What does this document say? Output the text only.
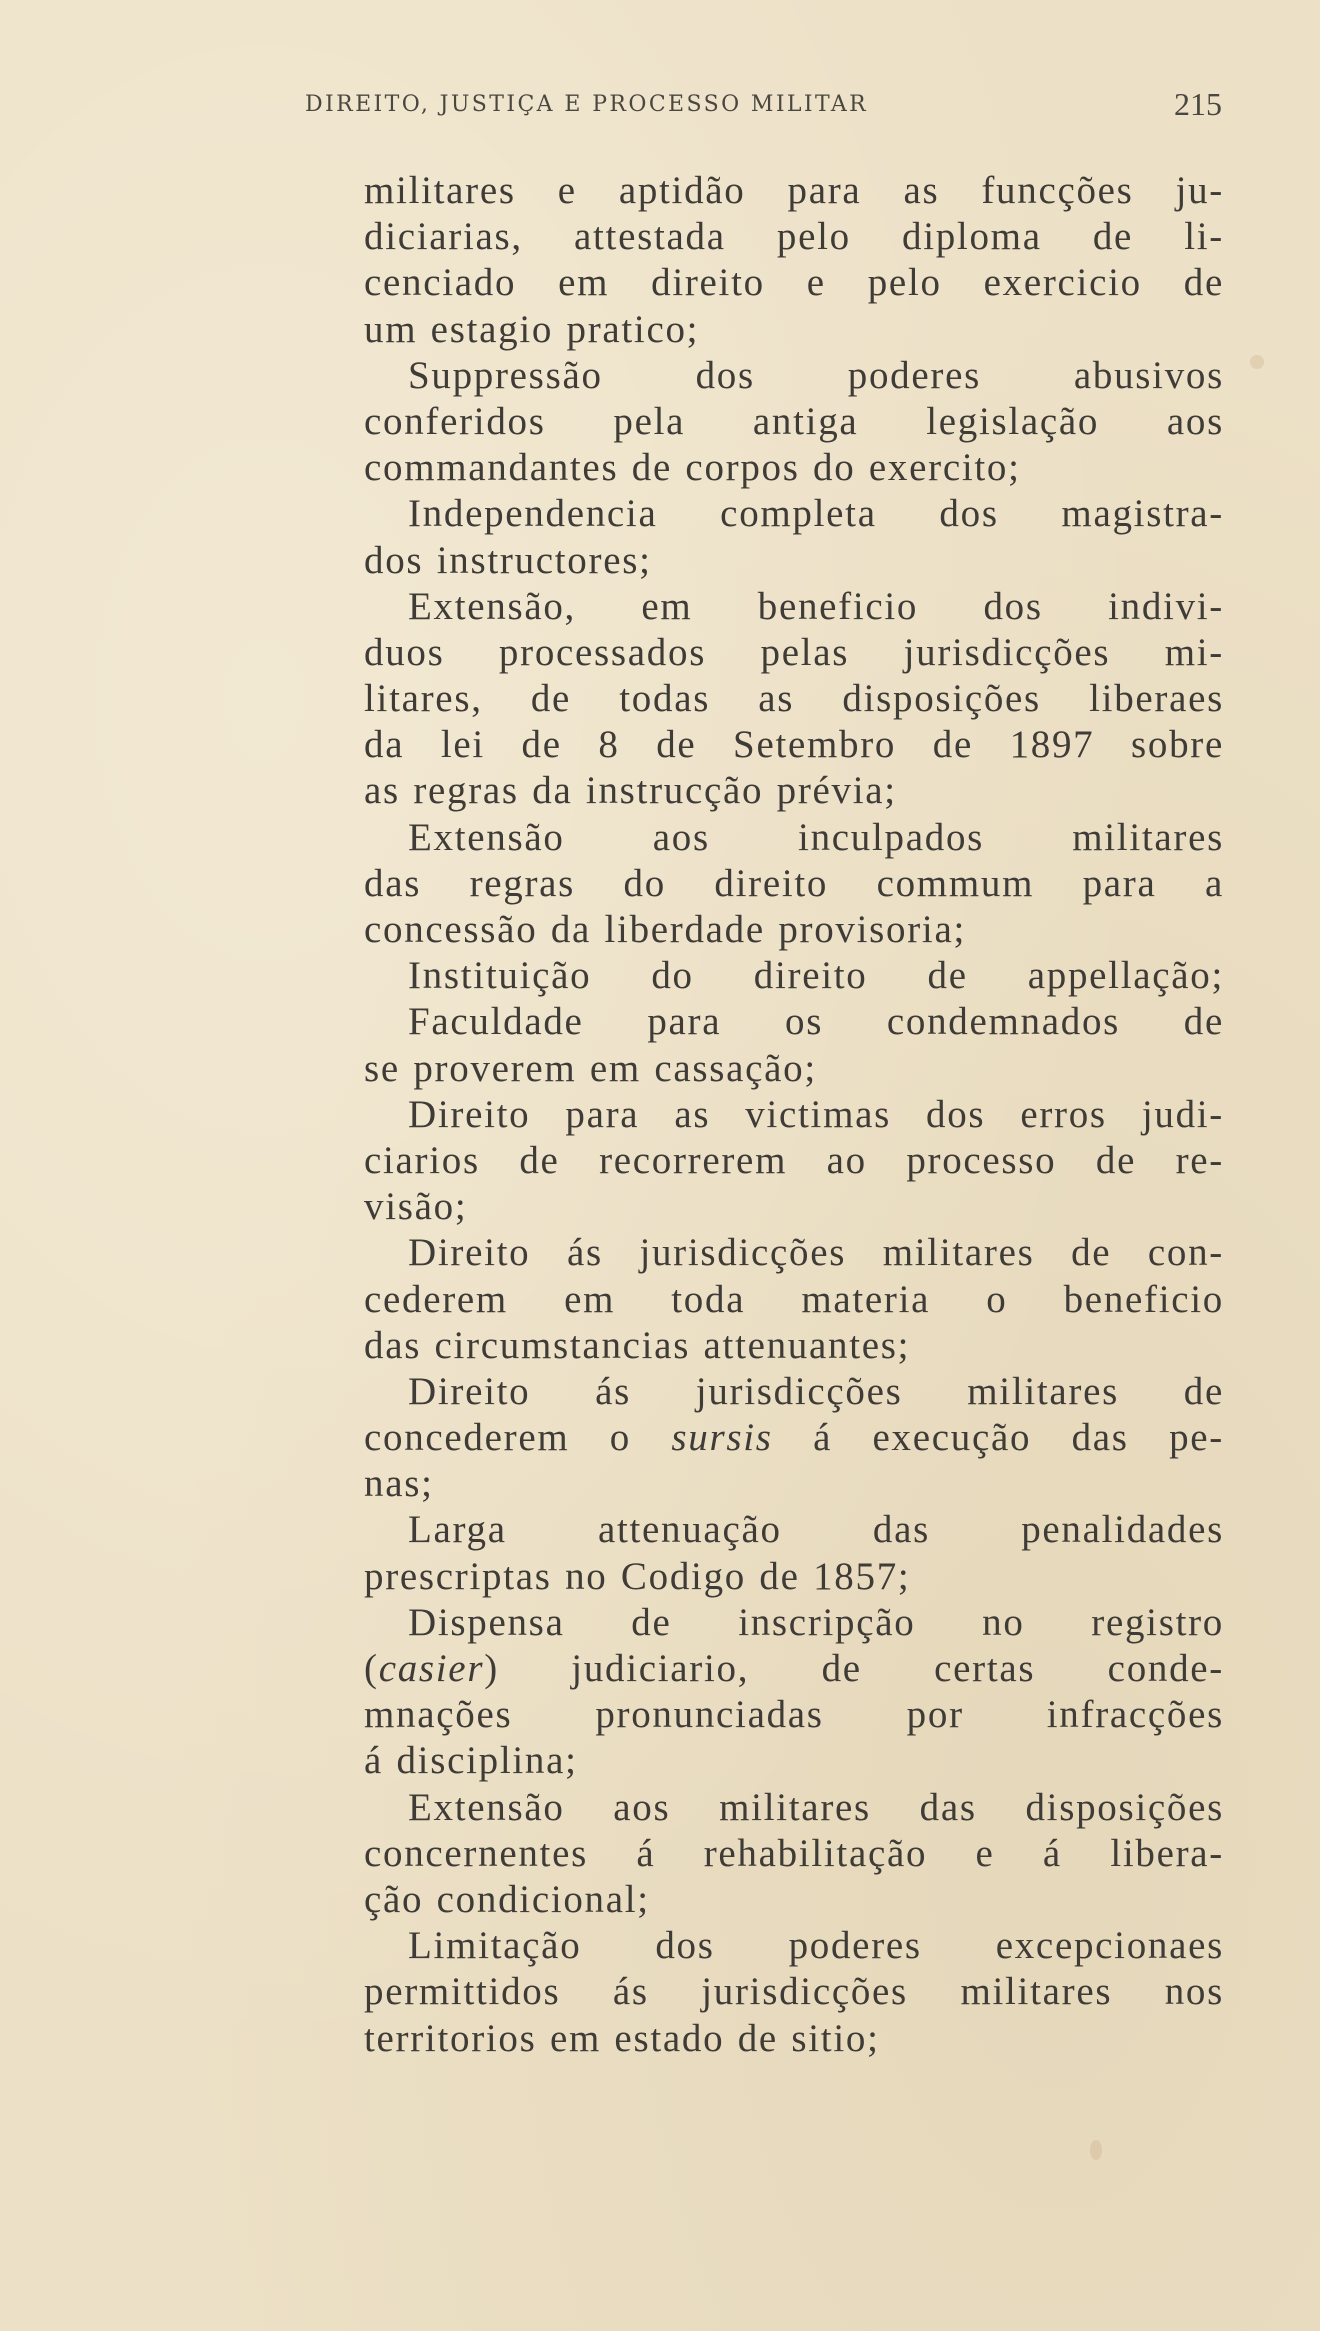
DIREITO, JUSTIÇA E PROCESSO MILITAR	215
militares e aptidão para as funcções ju-
diciarias, attestada pelo diploma de li-
cenciado em direito e pelo exercicio de
um estagio pratico;
Suppressão dos poderes abusivos
conferidos pela antiga legislação aos
commandantes de corpos do exercito;
Independencia completa dos magistra-
dos instructores;
Extensão, em beneficio dos indivi-
duos processados pelas jurisdicções mi-
litares, de todas as disposições liberaes
da lei de 8 de Setembro de 1897 sobre
as regras da instrucção prévia;
Extensão aos inculpados militares
das regras do direito commum para a
concessão da liberdade provisoria;
Instituição do direito de appellação;
Faculdade para os condemnados de
se proverem em cassação;
Direito para as victimas dos erros judi-
ciarios de recorrerem ao processo de re-
visão;
Direito ás jurisdicções militares de con-
cederem em toda materia o beneficio
das circumstancias attenuantes;
Direito ás jurisdicções militares de
concederem o sursis á execução das pe-
nas;
Larga attenuação das penalidades
prescriptas no Codigo de 1857;
Dispensa de inscripção no registro
(casier) judiciario, de certas conde-
mnações pronunciadas por infracções
á disciplina;
Extensão aos militares das disposições
concernentes á rehabilitação e á libera-
ção condicional;
Limitação dos poderes excepcionaes
permittidos ás jurisdicções militares nos
territorios em estado de sitio;
